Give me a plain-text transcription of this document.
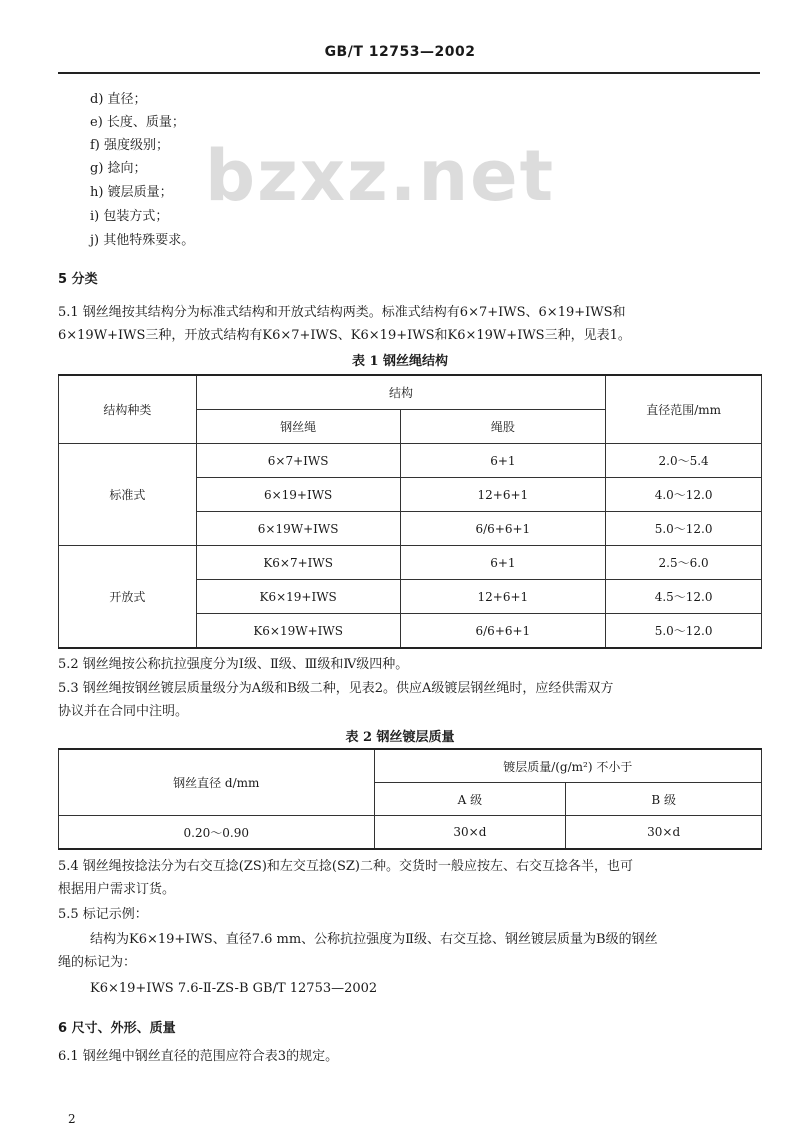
GB/T 12753—2002
bzxz.net
d) 直径；
e) 长度、质量；
f) 强度级别；
g) 捻向；
h) 镀层质量；
i) 包装方式；
j) 其他特殊要求。
5 分类
5.1 钢丝绳按其结构分为标准式结构和开放式结构两类。标准式结构有6×7+IWS、6×19+IWS和
6×19W+IWS三种，开放式结构有K6×7+IWS、K6×19+IWS和K6×19W+IWS三种，见表1。
表 1 钢丝绳结构
结构种类	结构		直径范围/mm
	钢丝绳	绳股	
标准式	6×7+IWS	6+1	2.0～5.4
	6×19+IWS	12+6+1	4.0～12.0
	6×19W+IWS	6/6+6+1	5.0～12.0
开放式	K6×7+IWS	6+1	2.5～6.0
	K6×19+IWS	12+6+1	4.5～12.0
	K6×19W+IWS	6/6+6+1	5.0～12.0
5.2 钢丝绳按公称抗拉强度分为Ⅰ级、Ⅱ级、Ⅲ级和Ⅳ级四种。
5.3 钢丝绳按钢丝镀层质量级分为A级和B级二种，见表2。供应A级镀层钢丝绳时，应经供需双方
协议并在合同中注明。
表 2 钢丝镀层质量
钢丝直径 d/mm	镀层质量/(g/m²) 不小于	
	A 级	B 级
0.20～0.90	30×d	30×d
5.4 钢丝绳按捻法分为右交互捻(ZS)和左交互捻(SZ)二种。交货时一般应按左、右交互捻各半，也可
根据用户需求订货。
5.5 标记示例：
结构为K6×19+IWS、直径7.6 mm、公称抗拉强度为Ⅱ级、右交互捻、钢丝镀层质量为B级的钢丝
绳的标记为：
K6×19+IWS 7.6-Ⅱ-ZS-B GB/T 12753—2002
6 尺寸、外形、质量
6.1 钢丝绳中钢丝直径的范围应符合表3的规定。
2
